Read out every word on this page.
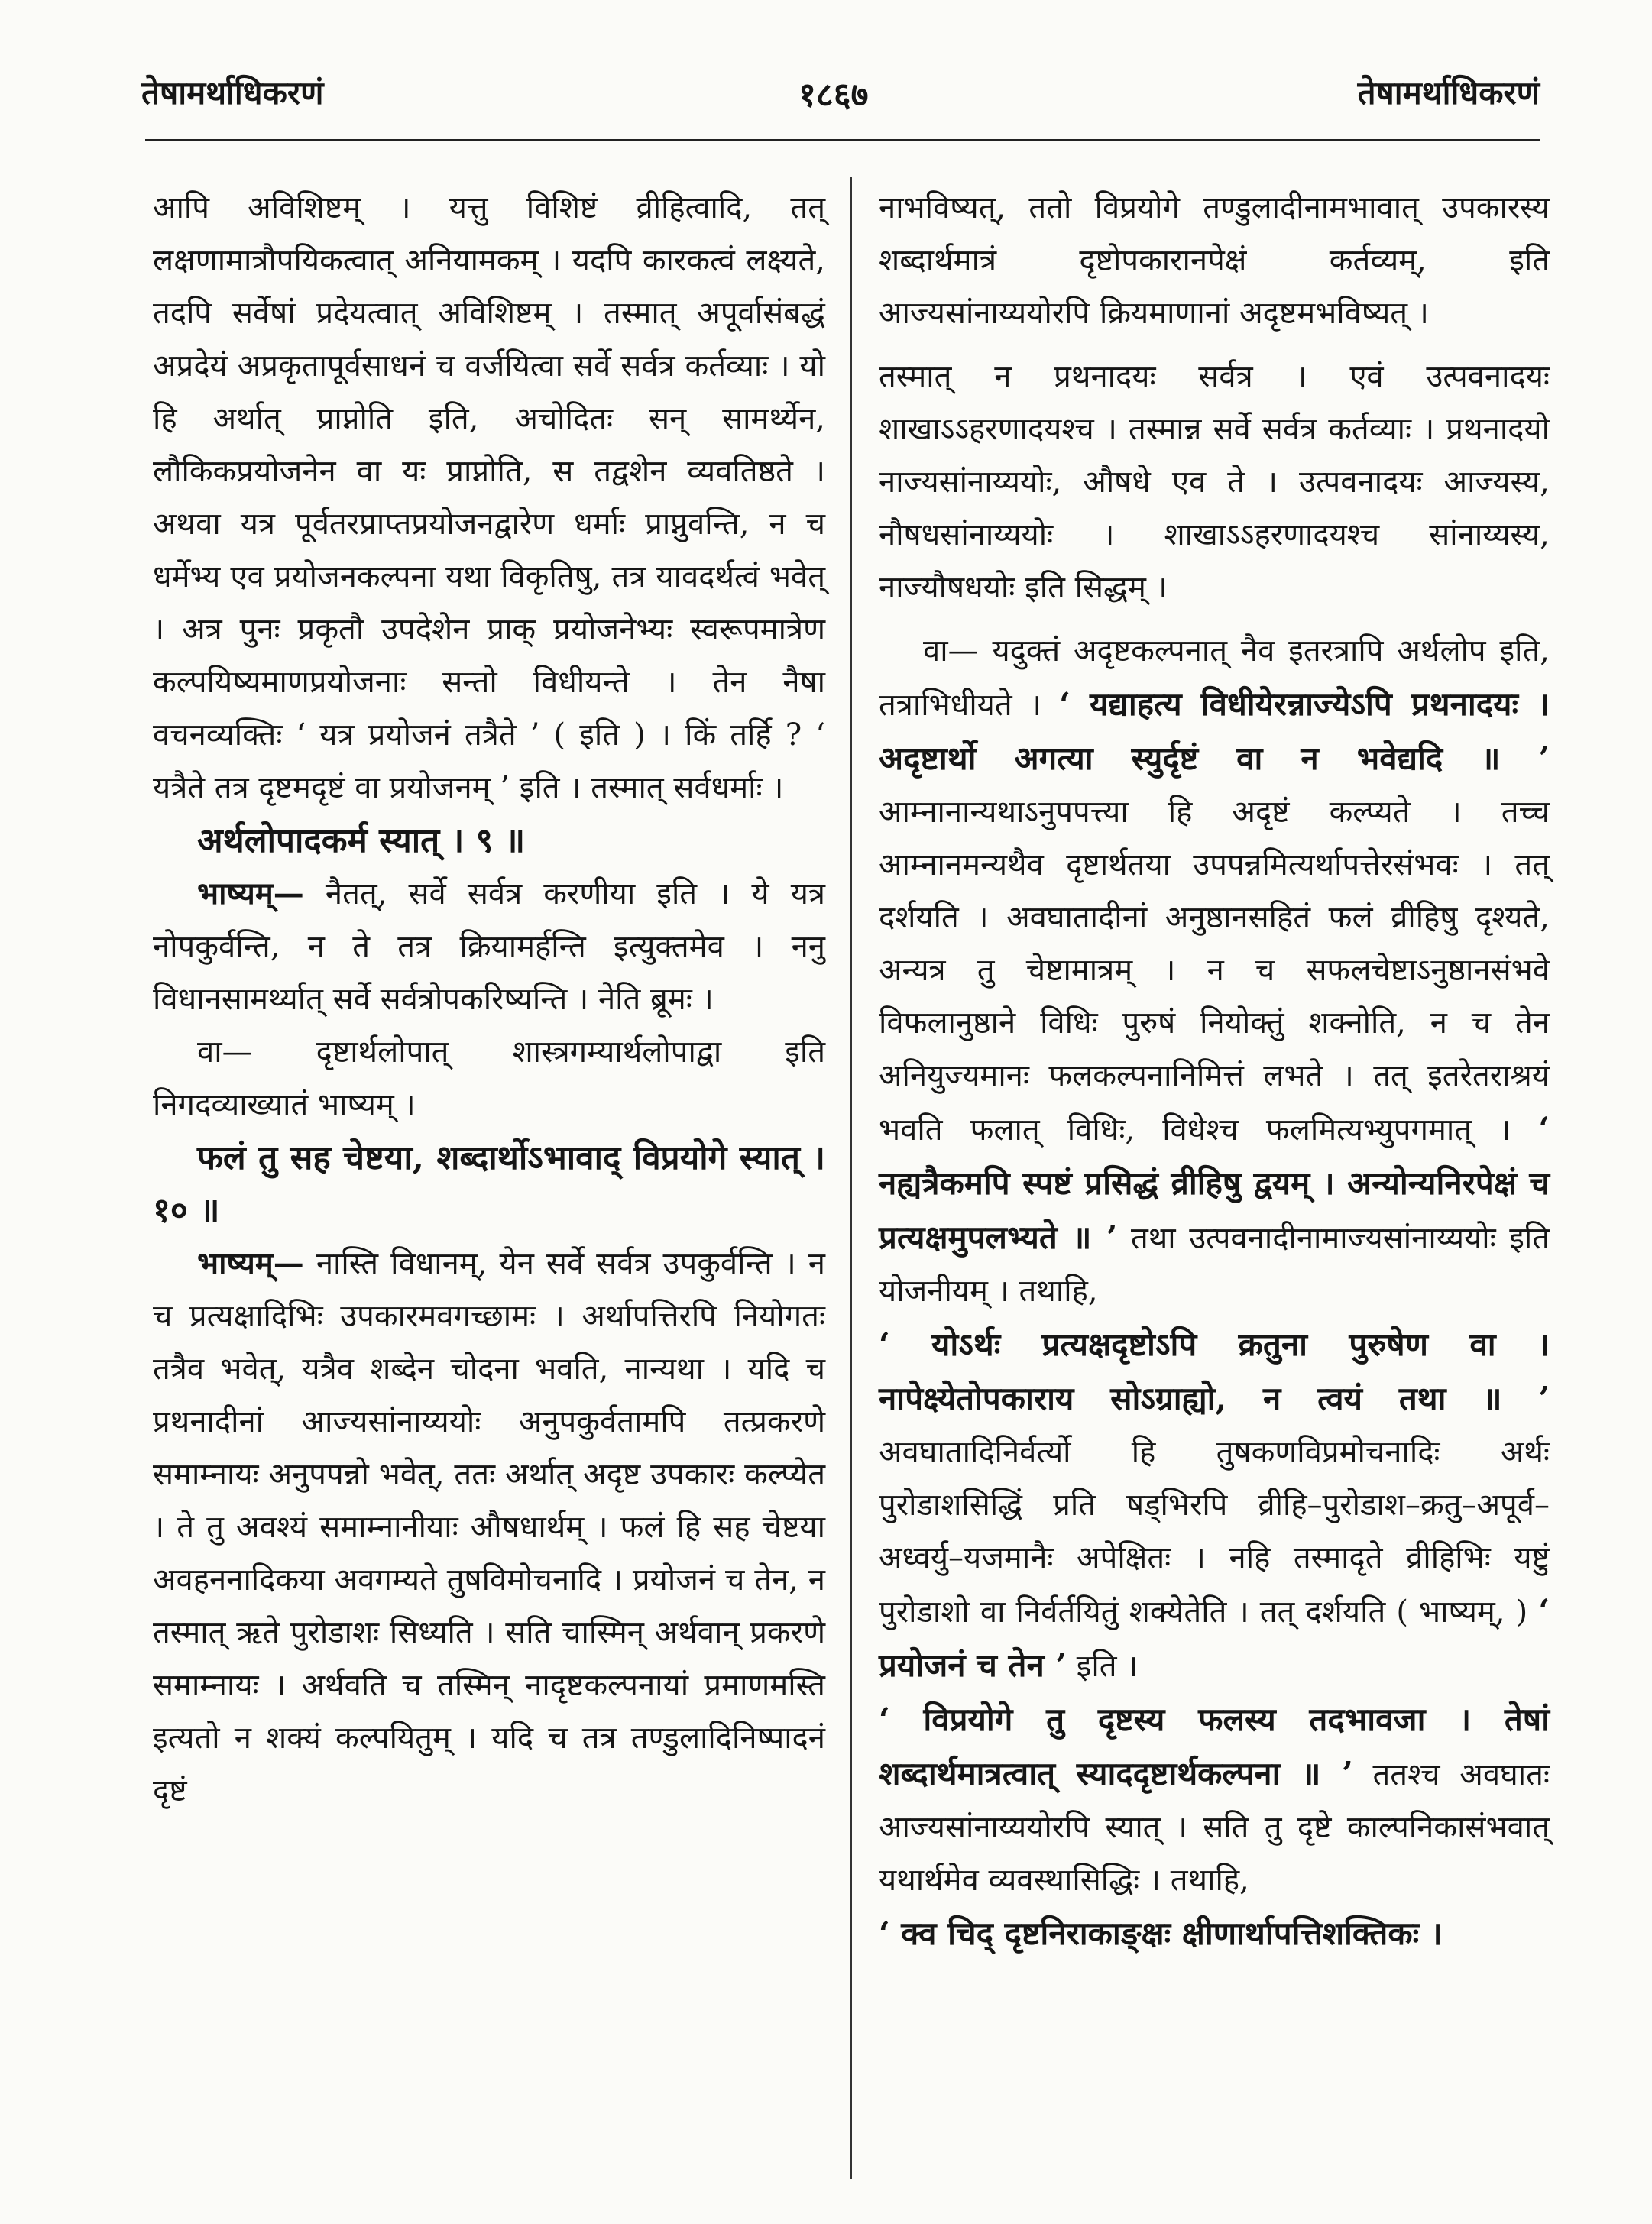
तेषामर्थाधिकरणं	१८६७	तेषामर्थाधिकरणं

आपि अविशिष्टम् । यत्तु विशिष्टं व्रीहित्वादि, तत् लक्षणामात्रौपयिकत्वात् अनियामकम् । यदपि कारकत्वं लक्ष्यते, तदपि सर्वेषां प्रदेयत्वात् अविशिष्टम् । तस्मात् अपूर्वासंबद्धं अप्रदेयं अप्रकृतापूर्वसाधनं च वर्जयित्वा सर्वे सर्वत्र कर्तव्याः । यो हि अर्थात् प्राप्नोति इति, अचोदितः सन् सामर्थ्येन, लौकिकप्रयोजनेन वा यः प्राप्नोति, स तद्वशेन व्यवतिष्ठते । अथवा यत्र पूर्वतरप्राप्तप्रयोजनद्वारेण धर्माः प्राप्नुवन्ति, न च धर्मेभ्य एव प्रयोजनकल्पना यथा विकृतिषु, तत्र यावदर्थत्वं भवेत् । अत्र पुनः प्रकृतौ उपदेशेन प्राक् प्रयोजनेभ्यः स्वरूपमात्रेण कल्पयिष्यमाणप्रयोजनाः सन्तो विधीयन्ते । तेन नैषा वचनव्यक्तिः ‘ यत्र प्रयोजनं तत्रैते ’ ( इति ) । किं तर्हि ? ‘ यत्रैते तत्र दृष्टमदृष्टं वा प्रयोजनम् ’ इति । तस्मात् सर्वधर्माः ।

अर्थलोपादकर्म स्यात् । ९ ॥

भाष्यम्— नैतत्, सर्वे सर्वत्र करणीया इति । ये यत्र नोपकुर्वन्ति, न ते तत्र क्रियामर्हन्ति इत्युक्तमेव । ननु विधानसामर्थ्यात् सर्वे सर्वत्रोपकरिष्यन्ति । नेति ब्रूमः ।

वा— दृष्टार्थलोपात् शास्त्रगम्यार्थलोपाद्वा इति निगदव्याख्यातं भाष्यम् ।

फलं तु सह चेष्टया, शब्दार्थोऽभावाद् विप्रयोगे स्यात् । १० ॥

भाष्यम्— नास्ति विधानम्, येन सर्वे सर्वत्र उपकुर्वन्ति । न च प्रत्यक्षादिभिः उपकारमवगच्छामः । अर्थापत्तिरपि नियोगतः तत्रैव भवेत्, यत्रैव शब्देन चोदना भवति, नान्यथा । यदि च प्रथनादीनां आज्यसांनाय्ययोः अनुपकुर्वतामपि तत्प्रकरणे समाम्नायः अनुपपन्नो भवेत्, ततः अर्थात् अदृष्ट उपकारः कल्प्येत । ते तु अवश्यं समाम्नानीयाः औषधार्थम् । फलं हि सह चेष्टया अवहननादिकया अवगम्यते तुषविमोचनादि । प्रयोजनं च तेन, न तस्मात् ऋते पुरोडाशः सिध्यति । सति चास्मिन् अर्थवान् प्रकरणे समाम्नायः । अर्थवति च तस्मिन् नादृष्टकल्पनायां प्रमाणमस्ति इत्यतो न शक्यं कल्पयितुम् । यदि च तत्र तण्डुलादिनिष्पादनं दृष्टं

नाभविष्यत्, ततो विप्रयोगे तण्डुलादीनामभावात् उपकारस्य शब्दार्थमात्रं दृष्टोपकारानपेक्षं कर्तव्यम्, इति आज्यसांनाय्ययोरपि क्रियमाणानां अदृष्टमभविष्यत् ।

तस्मात् न प्रथनादयः सर्वत्र । एवं उत्पवनादयः शाखाऽऽहरणादयश्च । तस्मान्न सर्वे सर्वत्र कर्तव्याः । प्रथनादयो नाज्यसांनाय्ययोः, औषधे एव ते । उत्पवनादयः आज्यस्य, नौषधसांनाय्ययोः । शाखाऽऽहरणादयश्च सांनाय्यस्य, नाज्यौषधयोः इति सिद्धम् ।

वा— यदुक्तं अदृष्टकल्पनात् नैव इतरत्रापि अर्थलोप इति, तत्राभिधीयते । ‘ यद्याहत्य विधीयेरन्नाज्येऽपि प्रथनादयः । अदृष्टार्थो अगत्या स्युर्दृष्टं वा न भवेद्यदि ॥ ’ आम्नानान्यथाऽनुपपत्त्या हि अदृष्टं कल्प्यते । तच्च आम्नानमन्यथैव दृष्टार्थतया उपपन्नमित्यर्थापत्तेरसंभवः । तत् दर्शयति । अवघातादीनां अनुष्ठानसहितं फलं व्रीहिषु दृश्यते, अन्यत्र तु चेष्टामात्रम् । न च सफलचेष्टाऽनुष्ठानसंभवे विफलानुष्ठाने विधिः पुरुषं नियोक्तुं शक्नोति, न च तेन अनियुज्यमानः फलकल्पनानिमित्तं लभते । तत् इतरेतराश्रयं भवति फलात् विधिः, विधेश्च फलमित्यभ्युपगमात् । ‘ नह्यत्रैकमपि स्पष्टं प्रसिद्धं व्रीहिषु द्वयम् । अन्योन्यनिरपेक्षं च प्रत्यक्षमुपलभ्यते ॥ ’ तथा उत्पवनादीनामाज्यसांनाय्ययोः इति योजनीयम् । तथाहि,

‘ योऽर्थः प्रत्यक्षदृष्टोऽपि क्रतुना पुरुषेण वा । नापेक्ष्येतोपकाराय सोऽग्राह्यो, न त्वयं तथा ॥ ’ अवघातादिनिर्वर्त्यो हि तुषकणविप्रमोचनादिः अर्थः पुरोडाशसिद्धिं प्रति षड्भिरपि व्रीहि–पुरोडाश–क्रतु–अपूर्व–अध्वर्यु–यजमानैः अपेक्षितः । नहि तस्मादृते व्रीहिभिः यष्टुं पुरोडाशो वा निर्वर्तयितुं शक्येतेति । तत् दर्शयति ( भाष्यम्, ) ‘ प्रयोजनं च तेन ’ इति ।

‘ विप्रयोगे तु दृष्टस्य फलस्य तदभावजा । तेषां शब्दार्थमात्रत्वात् स्याददृष्टार्थकल्पना ॥ ’ ततश्च अवघातः आज्यसांनाय्ययोरपि स्यात् । सति तु दृष्टे काल्पनिकासंभवात् यथार्थमेव व्यवस्थासिद्धिः । तथाहि,

‘ क्व चिद् दृष्टनिराकाङ्क्षः क्षीणार्थापत्तिशक्तिकः ।
